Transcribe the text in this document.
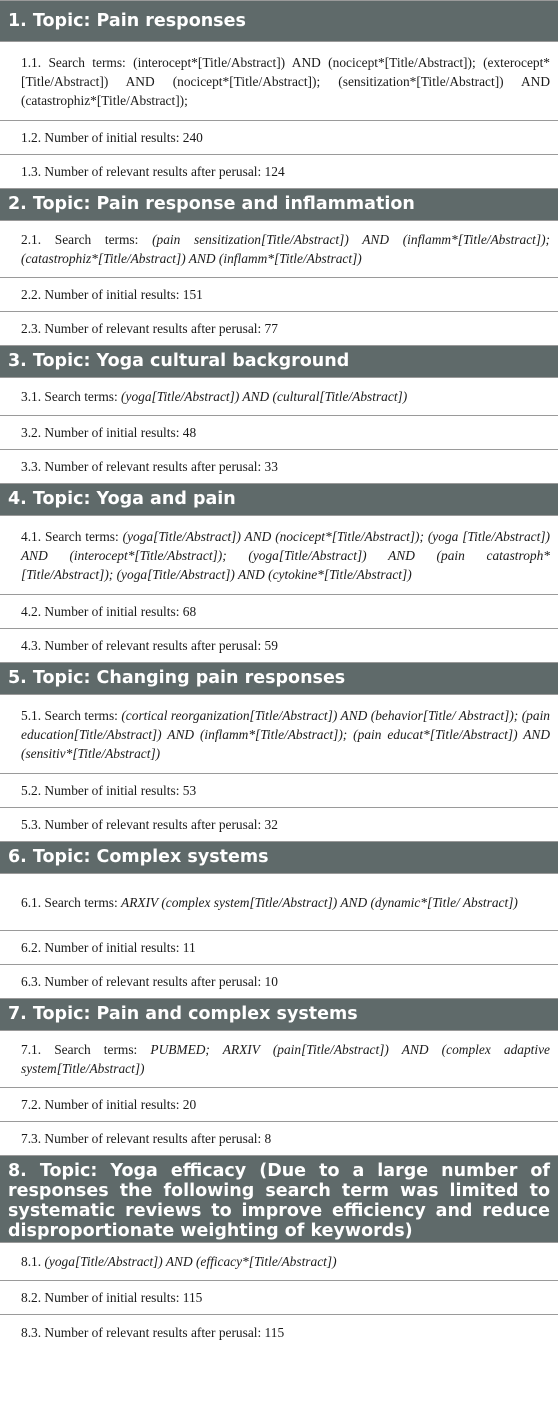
1. Topic: Pain responses
1.1. Search terms: (interocept*[Title/Abstract]) AND (nocicept*[Title/Abstract]); (exterocept*[Title/Abstract]) AND (nocicept*[Title/Abstract]); (sensitization*[Title/Abstract]) AND (catastrophiz*[Title/Abstract]);
1.2. Number of initial results: 240
1.3. Number of relevant results after perusal: 124
2. Topic: Pain response and inflammation
2.1. Search terms: (pain sensitization[Title/Abstract]) AND (inflamm*[Title/Abstract]); (catastrophiz*[Title/Abstract]) AND (inflamm*[Title/Abstract])
2.2. Number of initial results: 151
2.3. Number of relevant results after perusal: 77
3. Topic: Yoga cultural background
3.1. Search terms: (yoga[Title/Abstract]) AND (cultural[Title/Abstract])
3.2. Number of initial results: 48
3.3. Number of relevant results after perusal: 33
4. Topic: Yoga and pain
4.1. Search terms: (yoga[Title/Abstract]) AND (nocicept*[Title/Abstract]); (yoga [Title/Abstract]) AND (interocept*[Title/Abstract]); (yoga[Title/Abstract]) AND (pain catastroph*[Title/Abstract]); (yoga[Title/Abstract]) AND (cytokine*[Title/Abstract])
4.2. Number of initial results: 68
4.3. Number of relevant results after perusal: 59
5. Topic: Changing pain responses
5.1. Search terms: (cortical reorganization[Title/Abstract]) AND (behavior[Title/ Abstract]); (pain education[Title/Abstract]) AND (inflamm*[Title/Abstract]); (pain educat*[Title/Abstract]) AND (sensitiv*[Title/Abstract])
5.2. Number of initial results: 53
5.3. Number of relevant results after perusal: 32
6. Topic: Complex systems
6.1. Search terms: ARXIV (complex system[Title/Abstract]) AND (dynamic*[Title/ Abstract])
6.2. Number of initial results: 11
6.3. Number of relevant results after perusal: 10
7. Topic: Pain and complex systems
7.1. Search terms: PUBMED; ARXIV (pain[Title/Abstract]) AND (complex adaptive system[Title/Abstract])
7.2. Number of initial results: 20
7.3. Number of relevant results after perusal: 8
8. Topic: Yoga efficacy (Due to a large number of responses the following search term was limited to systematic reviews to improve efficiency and reduce disproportionate weighting of keywords)
8.1. (yoga[Title/Abstract]) AND (efficacy*[Title/Abstract])
8.2. Number of initial results: 115
8.3. Number of relevant results after perusal: 115
